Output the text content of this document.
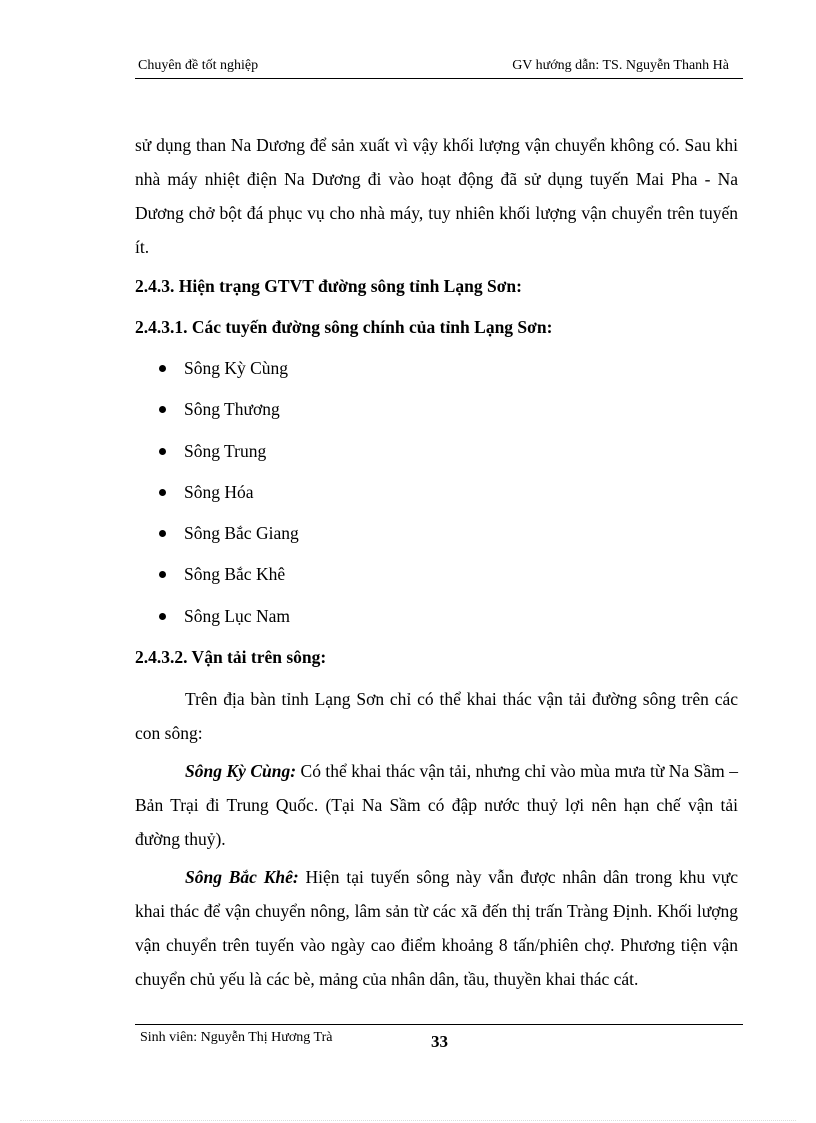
Chuyên đề tốt nghiệp	GV hướng dẫn: TS. Nguyễn Thanh Hà

sử dụng than Na Dương để sản xuất vì vậy khối lượng vận chuyển không có. Sau khi nhà máy nhiệt điện Na Dương đi vào hoạt động đã sử dụng tuyến Mai Pha - Na Dương chở bột đá phục vụ cho nhà máy, tuy nhiên khối lượng vận chuyển trên tuyến ít.

2.4.3. Hiện trạng GTVT đường sông tỉnh Lạng Sơn:
2.4.3.1. Các tuyến đường sông chính của tỉnh Lạng Sơn:
Sông Kỳ Cùng
Sông Thương
Sông Trung
Sông Hóa
Sông Bắc Giang
Sông Bắc Khê
Sông Lục Nam
2.4.3.2. Vận tải trên sông:

Trên địa bàn tỉnh Lạng Sơn chỉ có thể khai thác vận tải đường sông trên các con sông:

Sông Kỳ Cùng: Có thể khai thác vận tải, nhưng chỉ vào mùa mưa từ Na Sầm – Bản Trại đi Trung Quốc. (Tại Na Sầm có đập nước thuỷ lợi nên hạn chế vận tải đường thuỷ).

Sông Bắc Khê: Hiện tại tuyến sông này vẫn được nhân dân trong khu vực khai thác để vận chuyển nông, lâm sản từ các xã đến thị trấn Tràng Định. Khối lượng vận chuyển trên tuyến vào ngày cao điểm khoảng 8 tấn/phiên chợ. Phương tiện vận chuyển chủ yếu là các bè, mảng của nhân dân, tầu, thuyền khai thác cát.

Sinh viên: Nguyễn Thị Hương Trà	33
